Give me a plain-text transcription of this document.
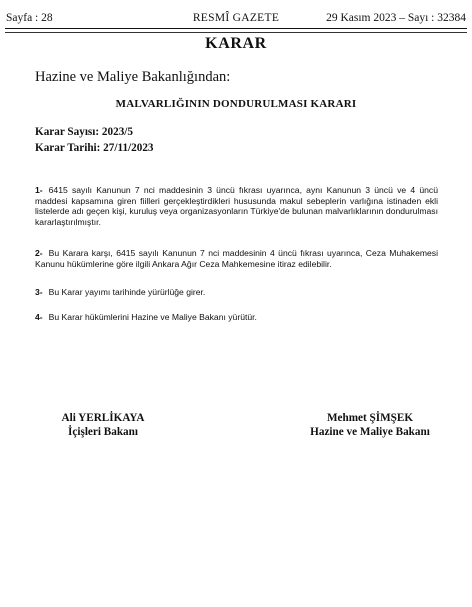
Sayfa : 28	RESMÎ GAZETE	29 Kasım 2023 – Sayı : 32384
KARAR
Hazine ve Maliye Bakanlığından:
MALVARLIĞININ DONDURULMASI KARARI
Karar Sayısı: 2023/5
Karar Tarihi: 27/11/2023
1- 6415 sayılı Kanunun 7 nci maddesinin 3 üncü fıkrası uyarınca, aynı Kanunun 3 üncü ve 4 üncü maddesi kapsamına giren fiilleri gerçekleştirdikleri hususunda makul sebeplerin varlığına istinaden ekli listelerde adı geçen kişi, kuruluş veya organizasyonların Türkiye'de bulunan malvarlıklarının dondurulması kararlaştırılmıştır.
2- Bu Karara karşı, 6415 sayılı Kanunun 7 nci maddesinin 4 üncü fıkrası uyarınca, Ceza Muhakemesi Kanunu hükümlerine göre ilgili Ankara Ağır Ceza Mahkemesine itiraz edilebilir.
3- Bu Karar yayımı tarihinde yürürlüğe girer.
4- Bu Karar hükümlerini Hazine ve Maliye Bakanı yürütür.
Ali YERLİKAYA
İçişleri Bakanı
Mehmet ŞİMŞEK
Hazine ve Maliye Bakanı
